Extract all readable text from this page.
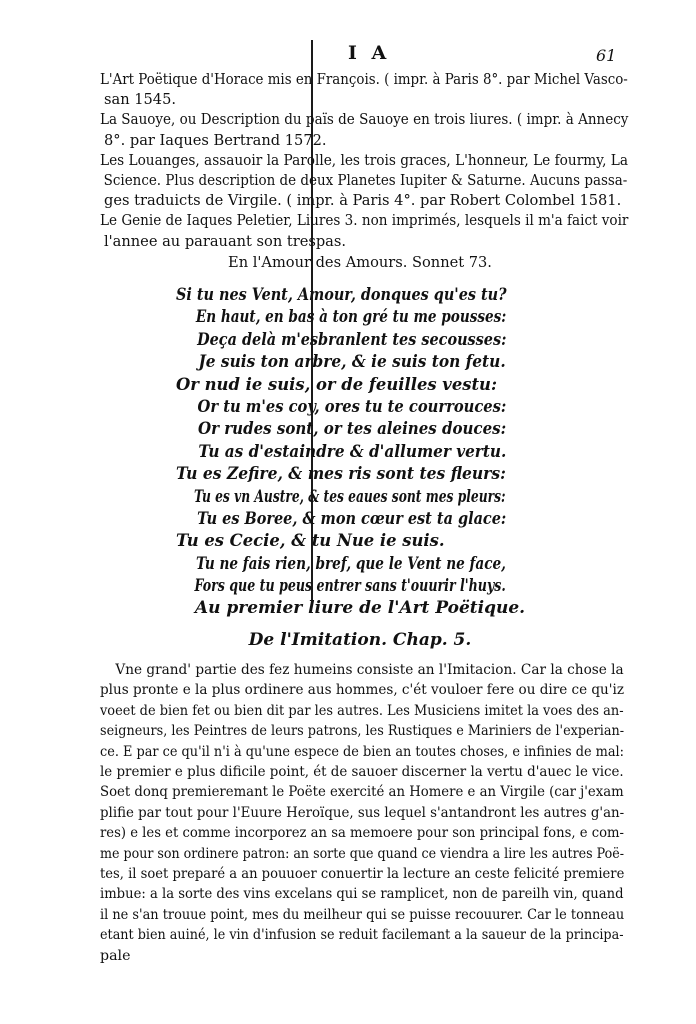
I A	61
L'Art Poëtique d'Horace mis en François. ( impr. à Paris 8°. par Michel Vasco-
san 1545.
La Sauoye, ou Description du païs de Sauoye en trois liures. ( impr. à Annecy
8°. par Iaques Bertrand 1572.
Les Louanges, assauoir la Parolle, les trois graces, L'honneur, Le fourmy, La
Science. Plus description de deux Planetes Iupiter & Saturne. Aucuns passa-
ges traduicts de Virgile. ( impr. à Paris 4°. par Robert Colombel 1581.
Le Genie de Iaques Peletier, Liures 3. non imprimés, lesquels il m'a faict voir
l'annee au parauant son trespas.
En l'Amour des Amours. Sonnet 73.
Si tu nes Vent, Amour, donques qu'es tu?
En haut, en bas à ton gré tu me pousses:
Deça delà m'esbranlent tes secousses:
Je suis ton arbre, & ie suis ton fetu.
Or nud ie suis, or de feuilles vestu:
Or tu m'es coy, ores tu te courrouces:
Or rudes sont, or tes aleines douces:
Tu as d'estaindre & d'allumer vertu.
Tu es Zefire, & mes ris sont tes fleurs:
Tu es vn Austre, & tes eaues sont mes pleurs:
Tu es Boree, & mon cœur est ta glace:
Tu es Cecie, & tu Nue ie suis.
Tu ne fais rien, bref, que le Vent ne face,
Fors que tu peus entrer sans t'ouurir l'huys.
Au premier liure de l'Art Poëtique.
De l'Imitation. Chap. 5.
Vne grand' partie des fez humeins consiste an l'Imitacion. Car la chose la
plus pronte e la plus ordinere aus hommes, c'ét vouloer fere ou dire ce qu'iz
voeet de bien fet ou bien dit par les autres. Les Musiciens imitet la voes des an-
seigneurs, les Peintres de leurs patrons, les Rustiques e Mariniers de l'experian-
ce. E par ce qu'il n'i à qu'une espece de bien an toutes choses, e infinies de mal:
le premier e plus dificile point, ét de sauoer discerner la vertu d'auec le vice.
Soet donq premieremant le Poëte exercité an Homere e an Virgile (car j'exam
plifie par tout pour l'Euure Heroïque, sus lequel s'antandront les autres g'an-
res) e les et comme incorporez an sa memoere pour son principal fons, e com-
me pour son ordinere patron: an sorte que quand ce viendra a lire les autres Poë-
tes, il soet preparé a an pouuoer conuertir la lecture an ceste felicité premiere
imbue: a la sorte des vins excelans qui se ramplicet, non de pareilh vin, quand
il ne s'an trouue point, mes du meilheur qui se puisse recouurer. Car le tonneau
etant bien auiné, le vin d'infusion se reduit facilemant a la saueur de la principa-
pale
